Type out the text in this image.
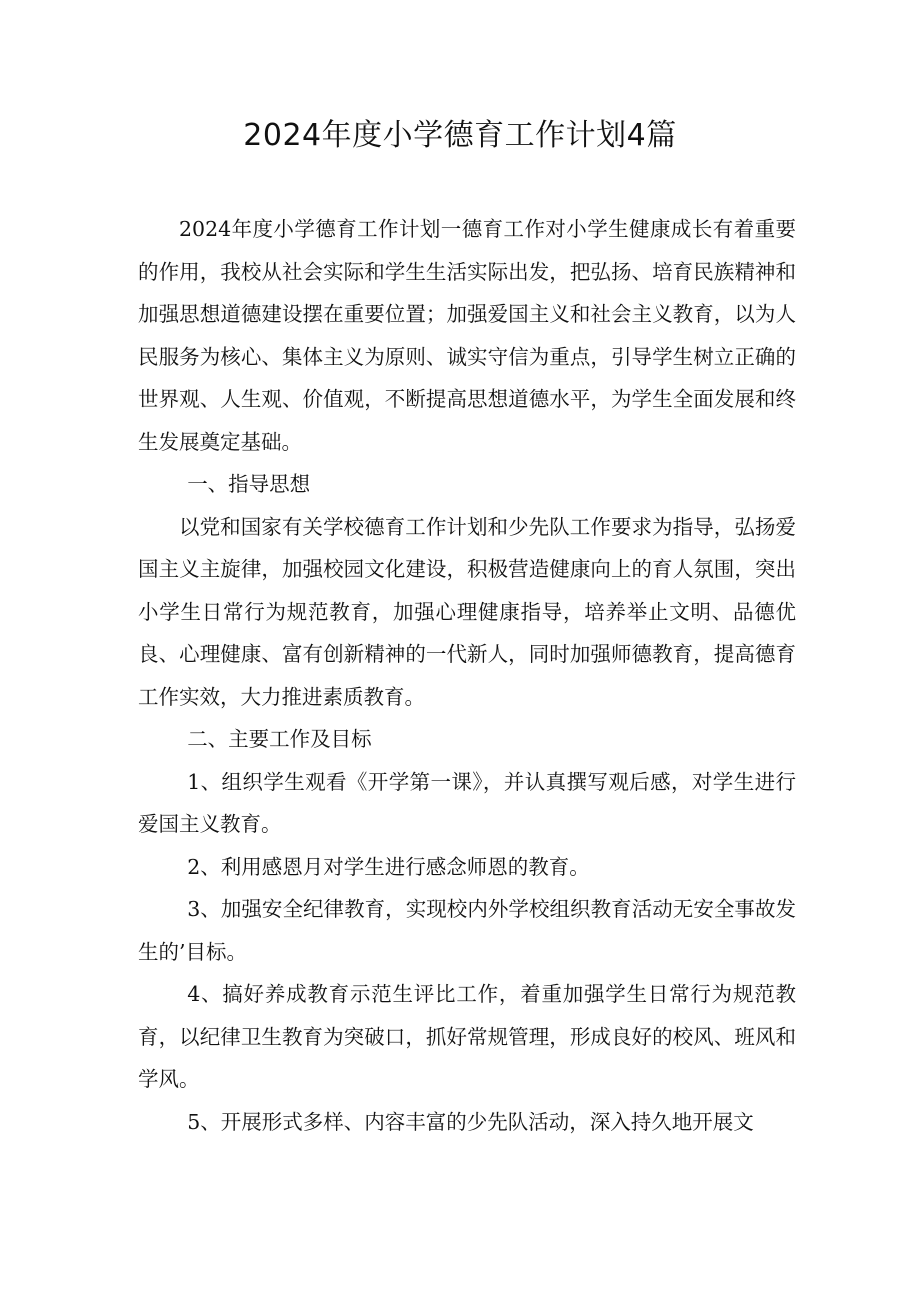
2024年度小学德育工作计划4篇

2024年度小学德育工作计划一德育工作对小学生健康成长有着重要的作用，我校从社会实际和学生生活实际出发，把弘扬、培育民族精神和加强思想道德建设摆在重要位置；加强爱国主义和社会主义教育，以为人民服务为核心、集体主义为原则、诚实守信为重点，引导学生树立正确的世界观、人生观、价值观，不断提高思想道德水平，为学生全面发展和终生发展奠定基础。

一、指导思想

以党和国家有关学校德育工作计划和少先队工作要求为指导，弘扬爱国主义主旋律，加强校园文化建设，积极营造健康向上的育人氛围，突出小学生日常行为规范教育，加强心理健康指导，培养举止文明、品德优良、心理健康、富有创新精神的一代新人，同时加强师德教育，提高德育工作实效，大力推进素质教育。

二、主要工作及目标

1、组织学生观看《开学第一课》，并认真撰写观后感，对学生进行爱国主义教育。

2、利用感恩月对学生进行感念师恩的教育。

3、加强安全纪律教育，实现校内外学校组织教育活动无安全事故发生的’目标。

4、搞好养成教育示范生评比工作，着重加强学生日常行为规范教育，以纪律卫生教育为突破口，抓好常规管理，形成良好的校风、班风和学风。

5、开展形式多样、内容丰富的少先队活动，深入持久地开展文
